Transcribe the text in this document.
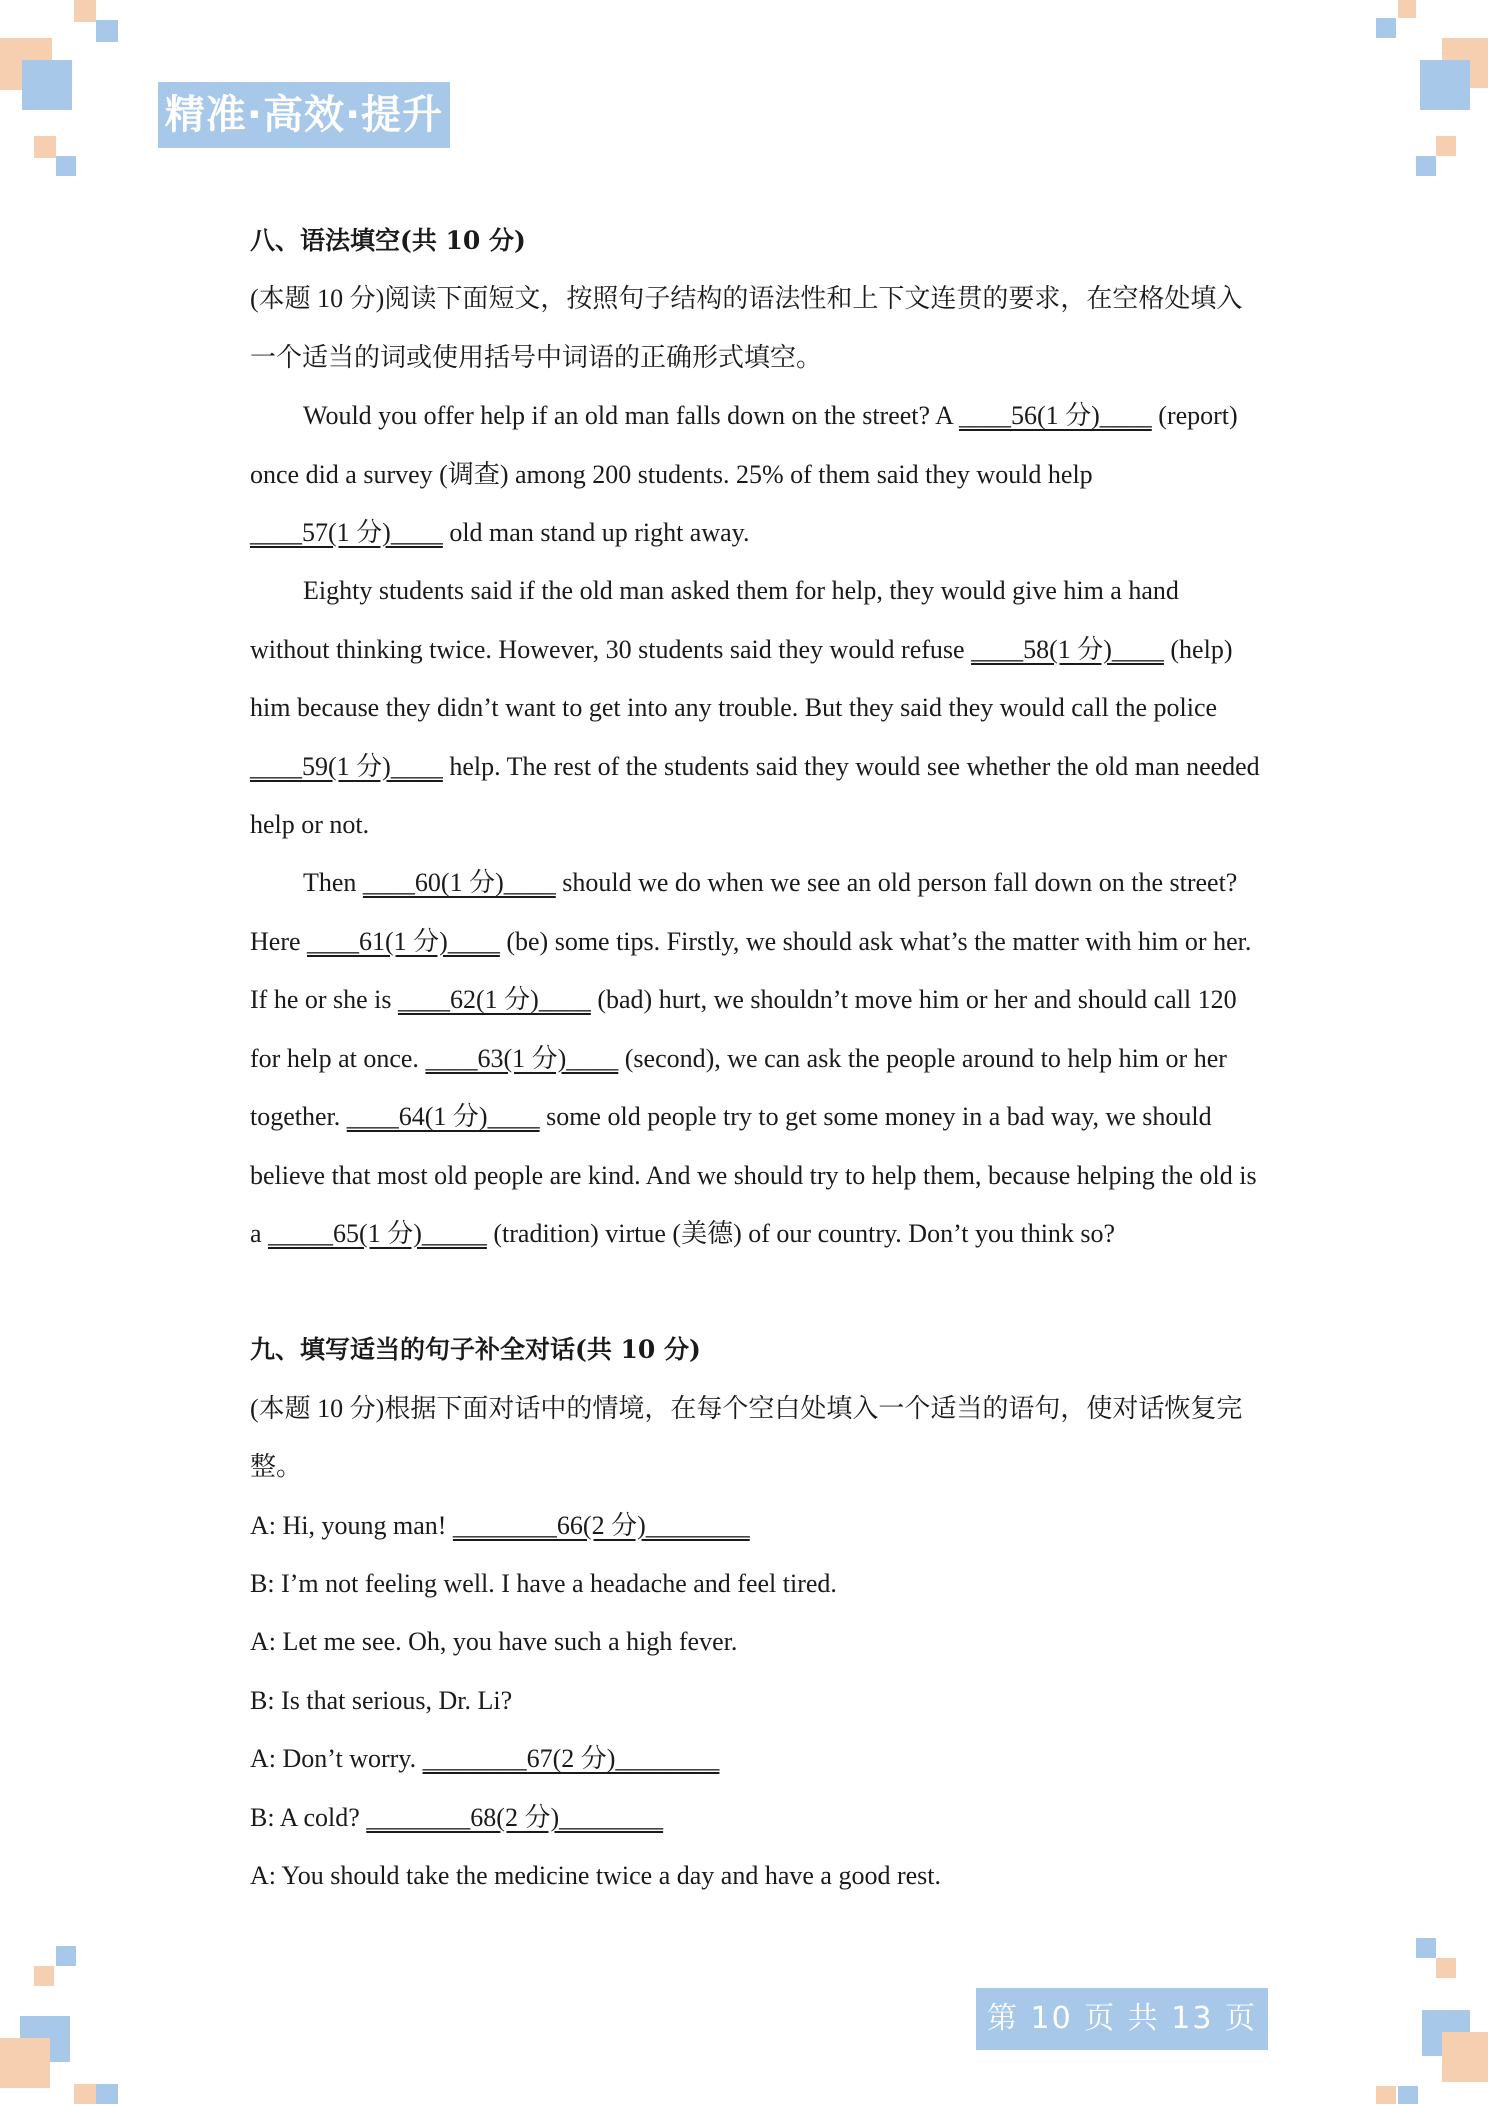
精准·高效·提升

八、语法填空(共 10 分)

(本题 10 分)阅读下面短文，按照句子结构的语法性和上下文连贯的要求，在空格处填入一个适当的词或使用括号中词语的正确形式填空。

Would you offer help if an old man falls down on the street? A ____56(1 分)____ (report) once did a survey (调查) among 200 students. 25% of them said they would help ____57(1 分)____ old man stand up right away.

Eighty students said if the old man asked them for help, they would give him a hand without thinking twice. However, 30 students said they would refuse ____58(1 分)____ (help) him because they didn’t want to get into any trouble. But they said they would call the police ____59(1 分)____ help. The rest of the students said they would see whether the old man needed help or not.

Then ____60(1 分)____ should we do when we see an old person fall down on the street? Here ____61(1 分)____ (be) some tips. Firstly, we should ask what’s the matter with him or her. If he or she is ____62(1 分)____ (bad) hurt, we shouldn’t move him or her and should call 120 for help at once. ____63(1 分)____ (second), we can ask the people around to help him or her together. ____64(1 分)____ some old people try to get some money in a bad way, we should believe that most old people are kind. And we should try to help them, because helping the old is a _____65(1 分)_____ (tradition) virtue (美德) of our country. Don’t you think so?

九、填写适当的句子补全对话(共 10 分)

(本题 10 分)根据下面对话中的情境，在每个空白处填入一个适当的语句，使对话恢复完整。

A: Hi, young man! ________66(2 分)________

B: I’m not feeling well. I have a headache and feel tired.

A: Let me see. Oh, you have such a high fever.

B: Is that serious, Dr. Li?

A: Don’t worry. ________67(2 分)________

B: A cold? ________68(2 分)________

A: You should take the medicine twice a day and have a good rest.

第 10 页 共 13 页
